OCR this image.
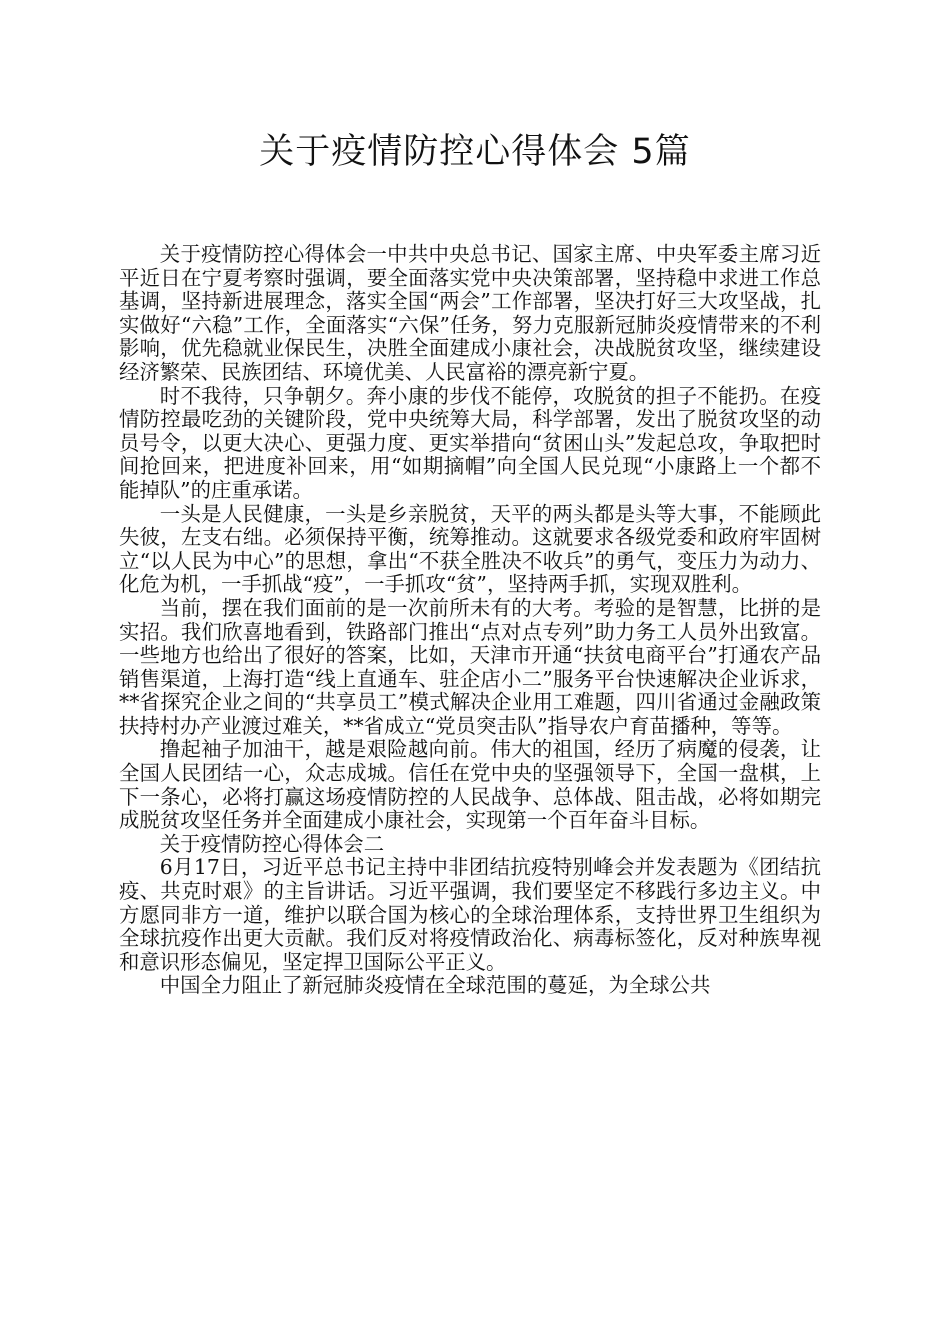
关于疫情防控心得体会 5篇

关于疫情防控心得体会一中共中央总书记、国家主席、中央军委主席习近平近日在宁夏考察时强调，要全面落实党中央决策部署，坚持稳中求进工作总基调，坚持新进展理念，落实全国“两会”工作部署，坚决打好三大攻坚战，扎实做好“六稳”工作，全面落实“六保”任务，努力克服新冠肺炎疫情带来的不利影响，优先稳就业保民生，决胜全面建成小康社会，决战脱贫攻坚，继续建设经济繁荣、民族团结、环境优美、人民富裕的漂亮新宁夏。

时不我待，只争朝夕。奔小康的步伐不能停，攻脱贫的担子不能扔。在疫情防控最吃劲的关键阶段，党中央统筹大局，科学部署，发出了脱贫攻坚的动员号令，以更大决心、更强力度、更实举措向“贫困山头”发起总攻，争取把时间抢回来，把进度补回来，用“如期摘帽”向全国人民兑现“小康路上一个都不能掉队”的庄重承诺。

一头是人民健康，一头是乡亲脱贫，天平的两头都是头等大事，不能顾此失彼，左支右绌。必须保持平衡，统筹推动。这就要求各级党委和政府牢固树立“以人民为中心”的思想，拿出“不获全胜决不收兵”的勇气，变压力为动力、化危为机，一手抓战“疫”，一手抓攻“贫”，坚持两手抓，实现双胜利。

当前，摆在我们面前的是一次前所未有的大考。考验的是智慧，比拼的是实招。我们欣喜地看到，铁路部门推出“点对点专列”助力务工人员外出致富。一些地方也给出了很好的答案，比如，天津市开通“扶贫电商平台”打通农产品销售渠道，上海打造“线上直通车、驻企店小二”服务平台快速解决企业诉求，**省探究企业之间的“共享员工”模式解决企业用工难题，四川省通过金融政策扶持村办产业渡过难关，**省成立“党员突击队”指导农户育苗播种，等等。

撸起袖子加油干，越是艰险越向前。伟大的祖国，经历了病魔的侵袭，让全国人民团结一心，众志成城。信任在党中央的坚强领导下，全国一盘棋，上下一条心，必将打赢这场疫情防控的人民战争、总体战、阻击战，必将如期完成脱贫攻坚任务并全面建成小康社会，实现第一个百年奋斗目标。

关于疫情防控心得体会二

6月17日，习近平总书记主持中非团结抗疫特别峰会并发表题为《团结抗疫、共克时艰》的主旨讲话。习近平强调，我们要坚定不移践行多边主义。中方愿同非方一道，维护以联合国为核心的全球治理体系，支持世界卫生组织为全球抗疫作出更大贡献。我们反对将疫情政治化、病毒标签化，反对种族卑视和意识形态偏见，坚定捍卫国际公平正义。

中国全力阻止了新冠肺炎疫情在全球范围的蔓延，为全球公共
